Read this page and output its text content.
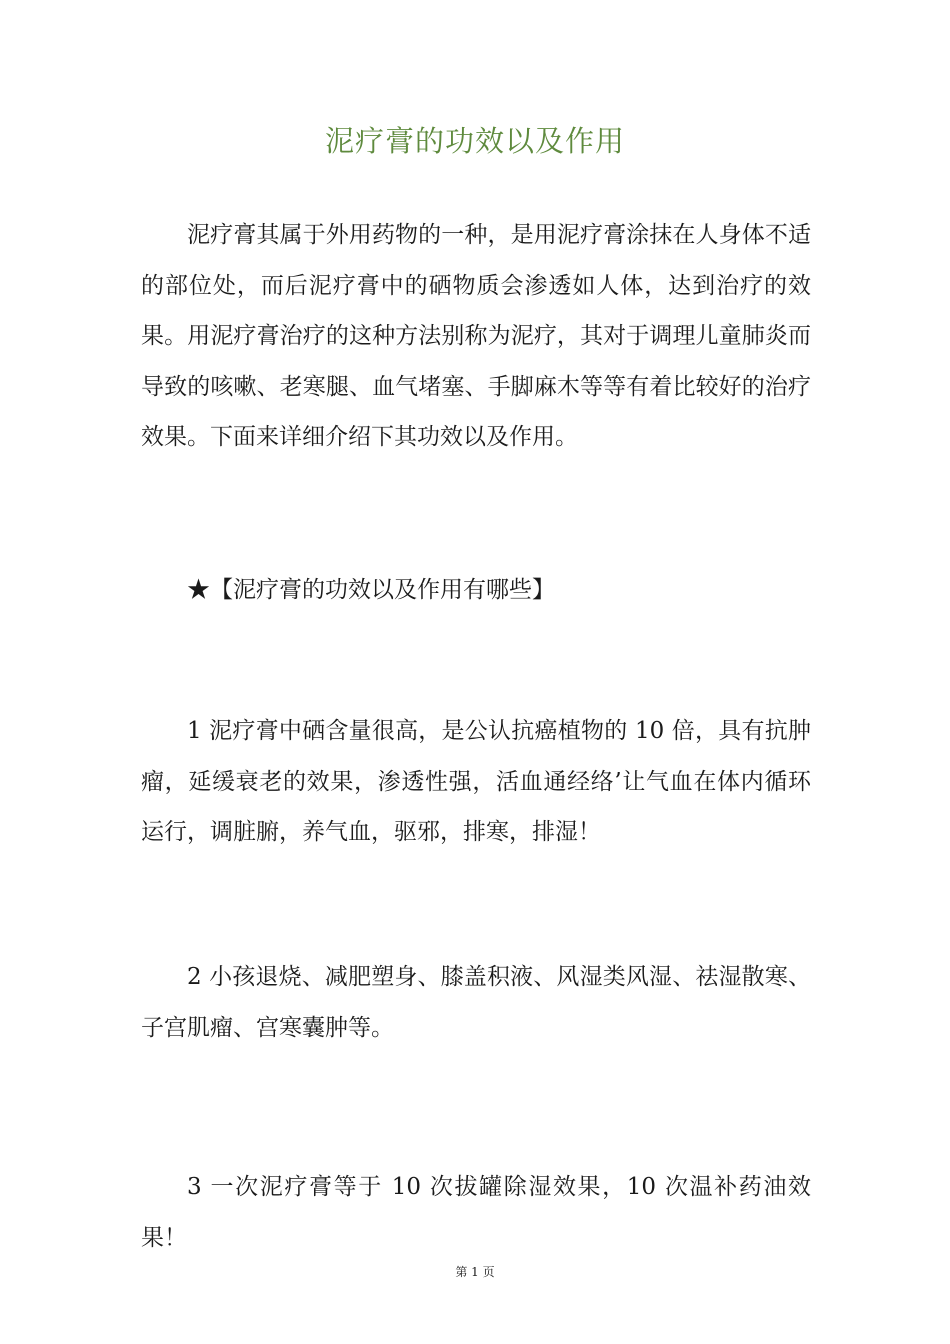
泥疗膏的功效以及作用

泥疗膏其属于外用药物的一种，是用泥疗膏涂抹在人身体不适的部位处，而后泥疗膏中的硒物质会渗透如人体，达到治疗的效果。用泥疗膏治疗的这种方法别称为泥疗，其对于调理儿童肺炎而导致的咳嗽、老寒腿、血气堵塞、手脚麻木等等有着比较好的治疗效果。下面来详细介绍下其功效以及作用。

★【泥疗膏的功效以及作用有哪些】

1 泥疗膏中硒含量很高，是公认抗癌植物的 10 倍，具有抗肿瘤，延缓衰老的效果，渗透性强，活血通经络’让气血在体内循环运行，调脏腑，养气血，驱邪，排寒，排湿！

2 小孩退烧、减肥塑身、膝盖积液、风湿类风湿、祛湿散寒、子宫肌瘤、宫寒囊肿等。

3 一次泥疗膏等于 10 次拔罐除湿效果，10 次温补药油效果！

第 1 页
